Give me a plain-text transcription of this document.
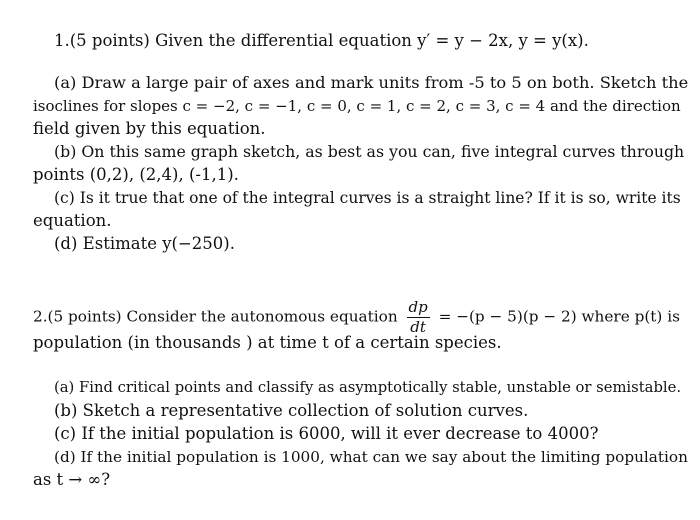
1.(5 points) Given the differential equation y′ = y − 2x, y = y(x).
(a) Draw a large pair of axes and mark units from -5 to 5 on both. Sketch the
isoclines for slopes c = −2, c = −1, c = 0, c = 1, c = 2, c = 3, c = 4 and the direction
field given by this equation.
(b) On this same graph sketch, as best as you can, five integral curves through
points (0,2), (2,4), (-1,1).
(c) Is it true that one of the integral curves is a straight line? If it is so, write its
equation.
(d) Estimate y(−250).
2.(5 points) Consider the autonomous equation $\frac{dp}{dt} = -(p - 5)(p - 2)$ where p(t) is
population (in thousands ) at time t of a certain species.
(a) Find critical points and classify as asymptotically stable, unstable or semistable.
(b) Sketch a representative collection of solution curves.
(c) If the initial population is 6000, will it ever decrease to 4000?
(d) If the initial population is 1000, what can we say about the limiting population
as t → ∞?
